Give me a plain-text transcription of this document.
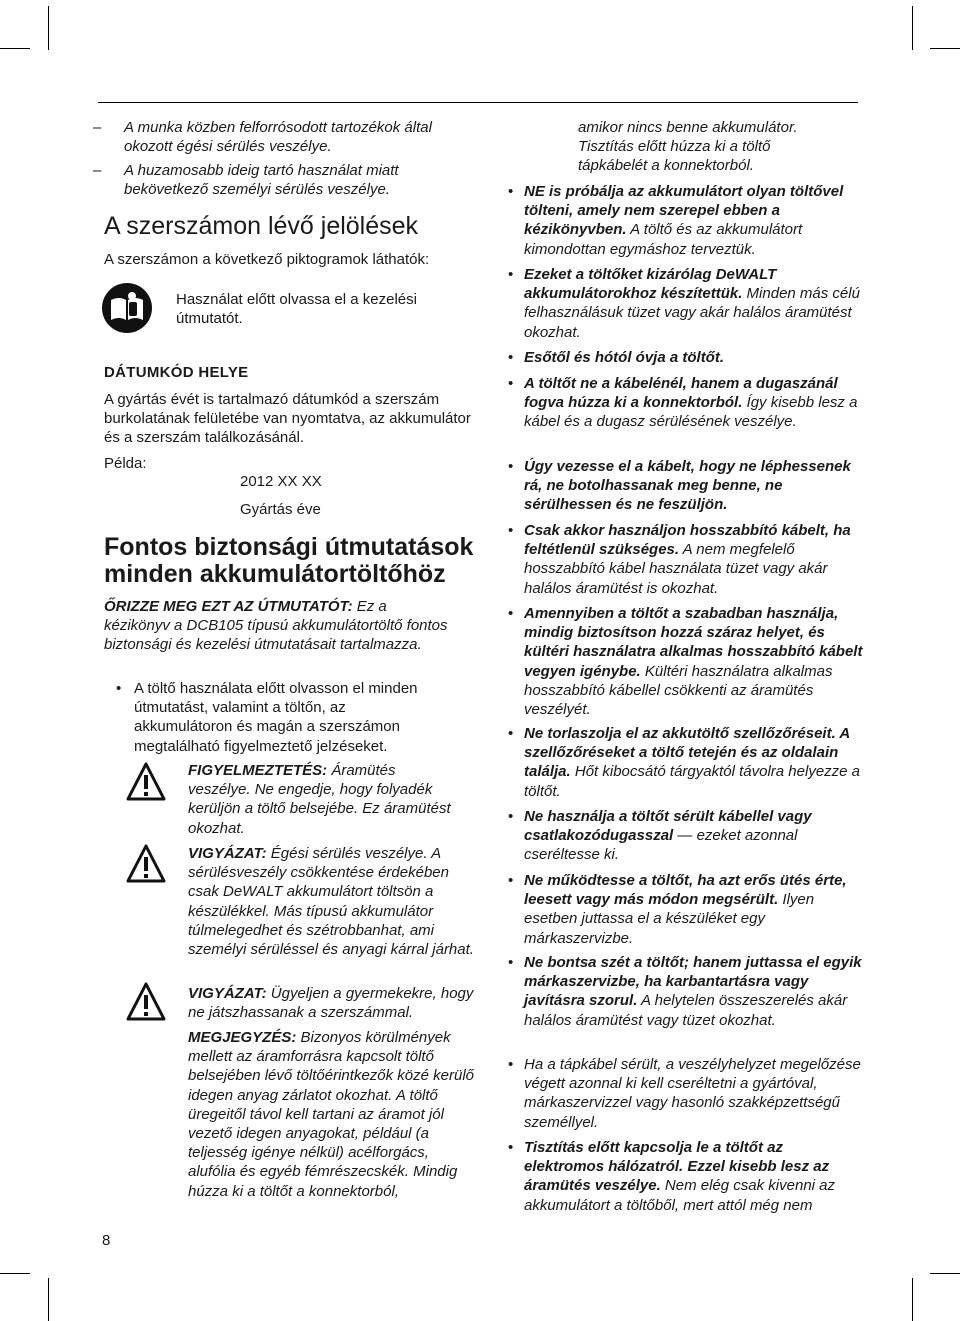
–	A munka közben felforrósodott tartozékok által okozott égési sérülés veszélye.

–	A huzamosabb ideig tartó használat miatt bekövetkező személyi sérülés veszélye.

A szerszámon lévő jelölések

A szerszámon a következő piktogramok láthatók:

Használat előtt olvassa el a kezelési útmutatót.

DÁTUMKÓD HELYE

A gyártás évét is tartalmazó dátumkód a szerszám burkolatának felületébe van nyomtatva, az akkumulátor és a szerszám találkozásánál.

Példa:

2012 XX XX

Gyártás éve

Fontos biztonsági útmutatások
minden akkumulátortöltőhöz

ŐRIZZE MEG EZT AZ ÚTMUTATÓT: Ez a kézikönyv a DCB105 típusú akkumulátortöltő fontos biztonsági és kezelési útmutatásait tartalmazza.

• A töltő használata előtt olvasson el minden útmutatást, valamint a töltőn, az akkumulátoron és magán a szerszámon megtalálható figyelmeztető jelzéseket.

FIGYELMEZTETÉS: Áramütés veszélye. Ne engedje, hogy folyadék kerüljön a töltő belsejébe. Ez áramütést okozhat.

VIGYÁZAT: Égési sérülés veszélye. A sérülésveszély csökkentése érdekében csak DeWALT akkumulátort töltsön a készülékkel. Más típusú akkumulátor túlmelegedhet és szétrobbanhat, ami személyi sérüléssel és anyagi kárral járhat.

VIGYÁZAT: Ügyeljen a gyermekekre, hogy ne játszhassanak a szerszámmal.

MEGJEGYZÉS: Bizonyos körülmények mellett az áramforrásra kapcsolt töltő belsejében lévő töltőérintkezők közé kerülő idegen anyag zárlatot okozhat. A töltő üregeitől távol kell tartani az áramot jól vezető idegen anyagokat, például (a teljesség igénye nélkül) acélforgács, alufólia és egyéb fémrészecskék. Mindig húzza ki a töltőt a konnektorból,

amikor nincs benne akkumulátor. Tisztítás előtt húzza ki a töltő tápkábelét a konnektorból.

• NE is próbálja az akkumulátort olyan töltővel tölteni, amely nem szerepel ebben a kézikönyvben. A töltő és az akkumulátort kimondottan egymáshoz terveztük.

• Ezeket a töltőket kizárólag DeWALT akkumulátorokhoz készítettük. Minden más célú felhasználásuk tüzet vagy akár halálos áramütést okozhat.

• Esőtől és hótól óvja a töltőt.

• A töltőt ne a kábelénél, hanem a dugaszánál fogva húzza ki a konnektorból. Így kisebb lesz a kábel és a dugasz sérülésének veszélye.

• Úgy vezesse el a kábelt, hogy ne léphessenek rá, ne botolhassanak meg benne, ne sérülhessen és ne feszüljön.

• Csak akkor használjon hosszabbító kábelt, ha feltétlenül szükséges. A nem megfelelő hosszabbító kábel használata tüzet vagy akár halálos áramütést is okozhat.

• Amennyiben a töltőt a szabadban használja, mindig biztosítson hozzá száraz helyet, és kültéri használatra alkalmas hosszabbító kábelt vegyen igénybe. Kültéri használatra alkalmas hosszabbító kábellel csökkenti az áramütés veszélyét.

• Ne torlaszolja el az akkutöltő szellőzőréseit. A szellőzőréseket a töltő tetején és az oldalain találja. Hőt kibocsátó tárgyaktól távolra helyezze a töltőt.

• Ne használja a töltőt sérült kábellel vagy csatlakozódugasszal — ezeket azonnal cseréltesse ki.

• Ne működtesse a töltőt, ha azt erős ütés érte, leesett vagy más módon megsérült. Ilyen esetben juttassa el a készüléket egy márkaszervizbe.

• Ne bontsa szét a töltőt; hanem juttassa el egyik márkaszervizbe, ha karbantartásra vagy javításra szorul. A helytelen összeszerelés akár halálos áramütést vagy tüzet okozhat.

• Ha a tápkábel sérült, a veszélyhelyzet megelőzése végett azonnal ki kell cseréltetni a gyártóval, márkaszervizzel vagy hasonló szakképzettségű személlyel.

• Tisztítás előtt kapcsolja le a töltőt az elektromos hálózatról. Ezzel kisebb lesz az áramütés veszélye. Nem elég csak kivenni az akkumulátort a töltőből, mert attól még nem

8
